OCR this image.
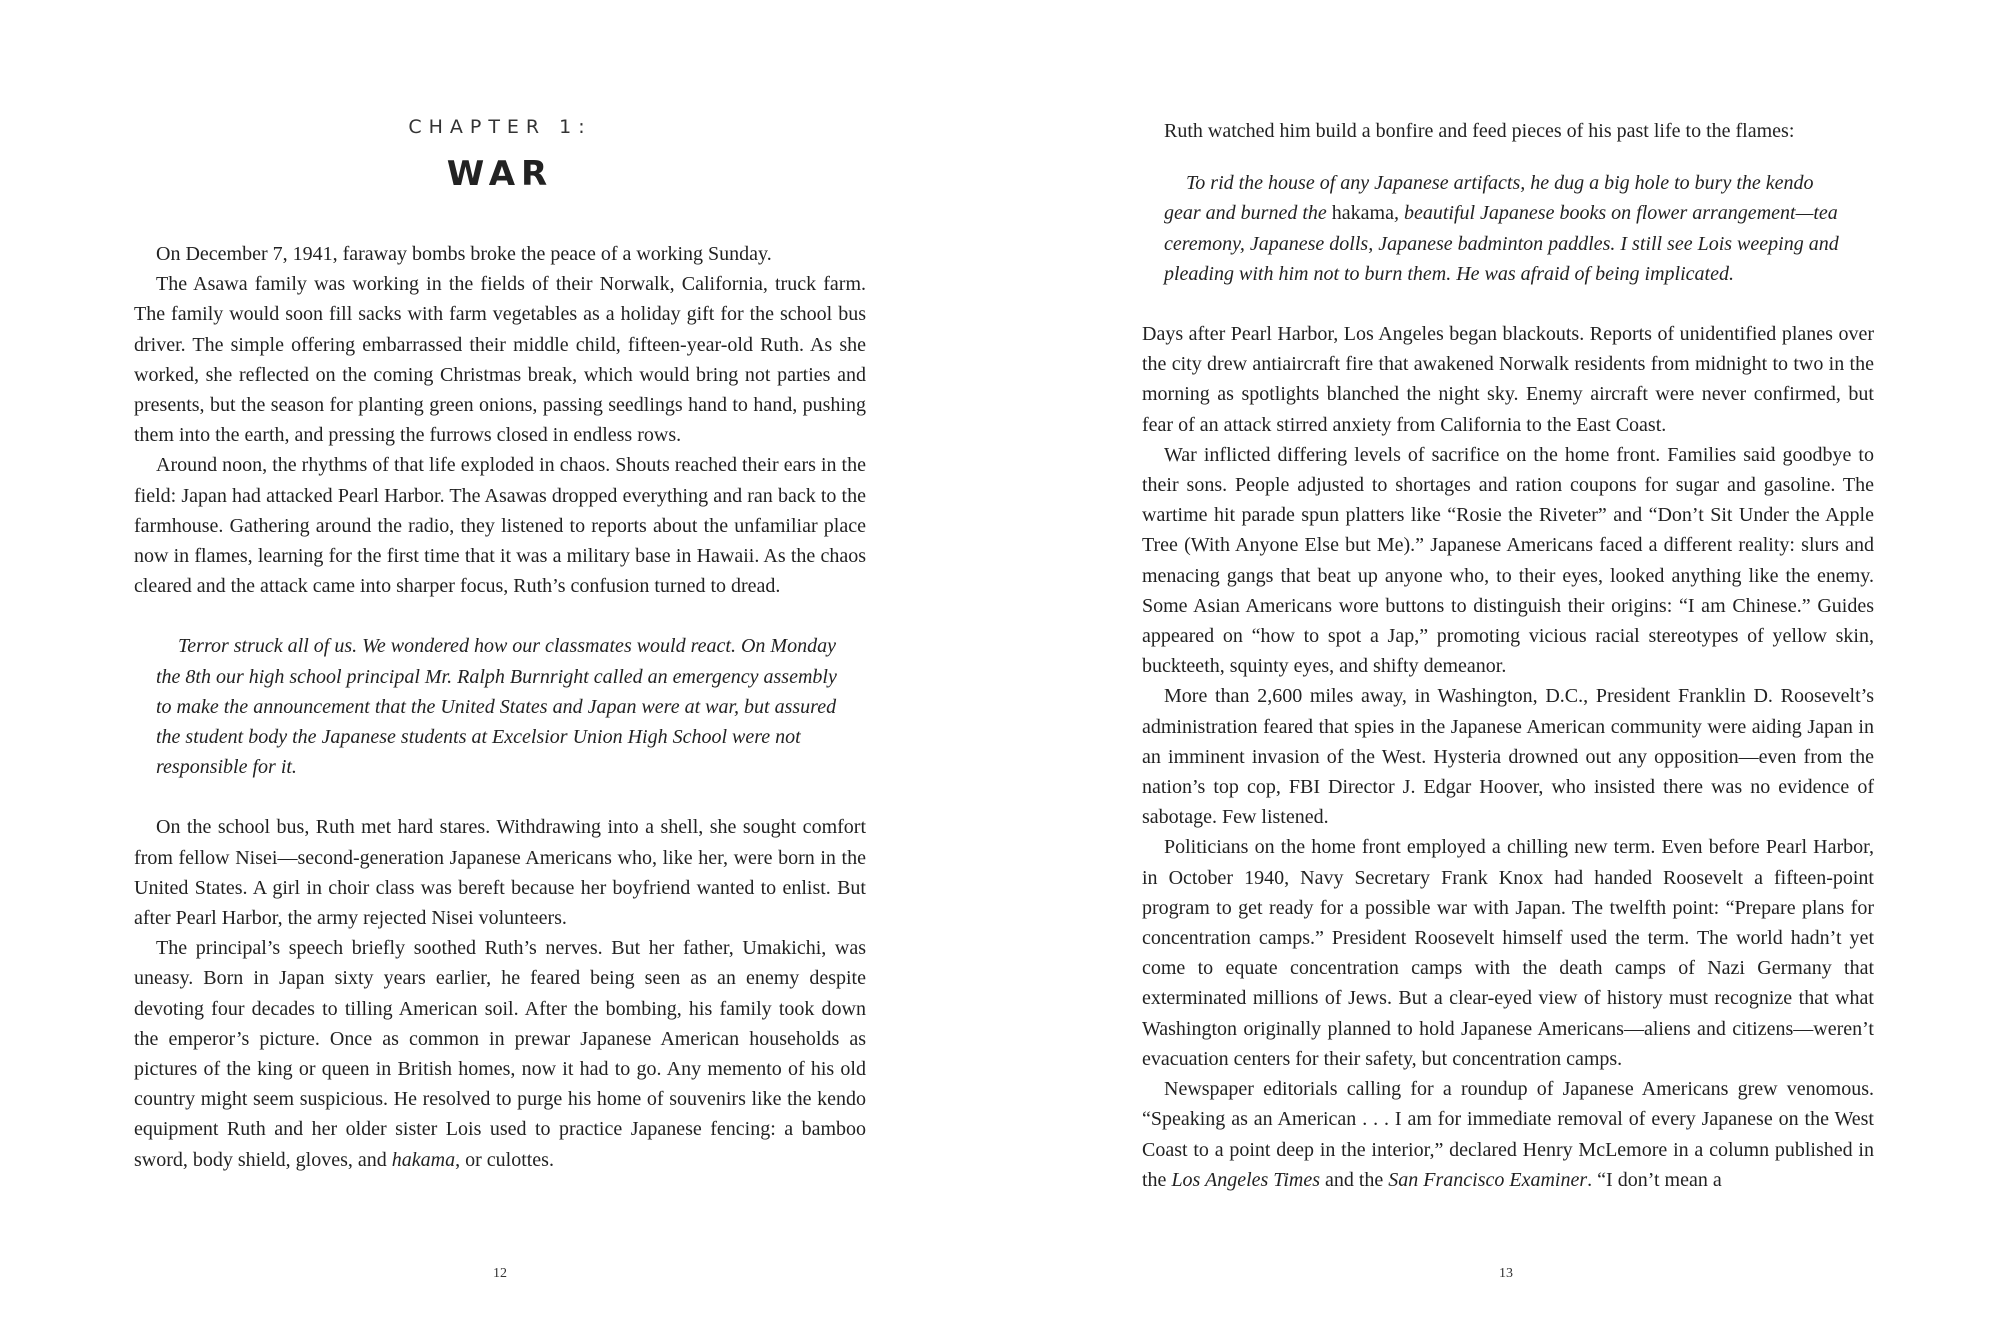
CHAPTER 1:
WAR

On December 7, 1941, faraway bombs broke the peace of a working Sunday.

The Asawa family was working in the fields of their Norwalk, California, truck farm. The family would soon fill sacks with farm vegetables as a holiday gift for the school bus driver. The simple offering embarrassed their middle child, fifteen-year-old Ruth. As she worked, she reflected on the coming Christmas break, which would bring not parties and presents, but the season for planting green onions, passing seedlings hand to hand, pushing them into the earth, and pressing the furrows closed in endless rows.

Around noon, the rhythms of that life exploded in chaos. Shouts reached their ears in the field: Japan had attacked Pearl Harbor. The Asawas dropped everything and ran back to the farmhouse. Gathering around the radio, they listened to reports about the unfamiliar place now in flames, learning for the first time that it was a military base in Hawaii. As the chaos cleared and the attack came into sharper focus, Ruth’s confusion turned to dread.

Terror struck all of us. We wondered how our classmates would react. On Monday the 8th our high school principal Mr. Ralph Burnright called an emergency assembly to make the announcement that the United States and Japan were at war, but assured the student body the Japanese students at Excelsior Union High School were not responsible for it.

On the school bus, Ruth met hard stares. Withdrawing into a shell, she sought comfort from fellow Nisei—second-generation Japanese Americans who, like her, were born in the United States. A girl in choir class was bereft because her boyfriend wanted to enlist. But after Pearl Harbor, the army rejected Nisei volunteers.

The principal’s speech briefly soothed Ruth’s nerves. But her father, Umakichi, was uneasy. Born in Japan sixty years earlier, he feared being seen as an enemy despite devoting four decades to tilling American soil. After the bombing, his family took down the emperor’s picture. Once as common in prewar Japanese American households as pictures of the king or queen in British homes, now it had to go. Any memento of his old country might seem suspicious. He resolved to purge his home of souvenirs like the kendo equipment Ruth and her older sister Lois used to practice Japanese fencing: a bamboo sword, body shield, gloves, and hakama, or culottes.

12

Ruth watched him build a bonfire and feed pieces of his past life to the flames:

To rid the house of any Japanese artifacts, he dug a big hole to bury the kendo gear and burned the hakama, beautiful Japanese books on flower arrangement—tea ceremony, Japanese dolls, Japanese badminton paddles. I still see Lois weeping and pleading with him not to burn them. He was afraid of being implicated.

Days after Pearl Harbor, Los Angeles began blackouts. Reports of unidentified planes over the city drew antiaircraft fire that awakened Norwalk residents from midnight to two in the morning as spotlights blanched the night sky. Enemy aircraft were never confirmed, but fear of an attack stirred anxiety from California to the East Coast.

War inflicted differing levels of sacrifice on the home front. Families said goodbye to their sons. People adjusted to shortages and ration coupons for sugar and gasoline. The wartime hit parade spun platters like “Rosie the Riveter” and “Don’t Sit Under the Apple Tree (With Anyone Else but Me).” Japanese Americans faced a different reality: slurs and menacing gangs that beat up anyone who, to their eyes, looked anything like the enemy. Some Asian Americans wore buttons to distinguish their origins: “I am Chinese.” Guides appeared on “how to spot a Jap,” promoting vicious racial stereotypes of yellow skin, buckteeth, squinty eyes, and shifty demeanor.

More than 2,600 miles away, in Washington, D.C., President Franklin D. Roosevelt’s administration feared that spies in the Japanese American community were aiding Japan in an imminent invasion of the West. Hysteria drowned out any opposition—even from the nation’s top cop, FBI Director J. Edgar Hoover, who insisted there was no evidence of sabotage. Few listened.

Politicians on the home front employed a chilling new term. Even before Pearl Harbor, in October 1940, Navy Secretary Frank Knox had handed Roosevelt a fifteen-point program to get ready for a possible war with Japan. The twelfth point: “Prepare plans for concentration camps.” President Roosevelt himself used the term. The world hadn’t yet come to equate concentration camps with the death camps of Nazi Germany that exterminated millions of Jews. But a clear-eyed view of history must recognize that what Washington originally planned to hold Japanese Americans—aliens and citizens—weren’t evacuation centers for their safety, but concentration camps.

Newspaper editorials calling for a roundup of Japanese Americans grew venomous. “Speaking as an American . . . I am for immediate removal of every Japanese on the West Coast to a point deep in the interior,” declared Henry McLemore in a column published in the Los Angeles Times and the San Francisco Examiner. “I don’t mean a

13
